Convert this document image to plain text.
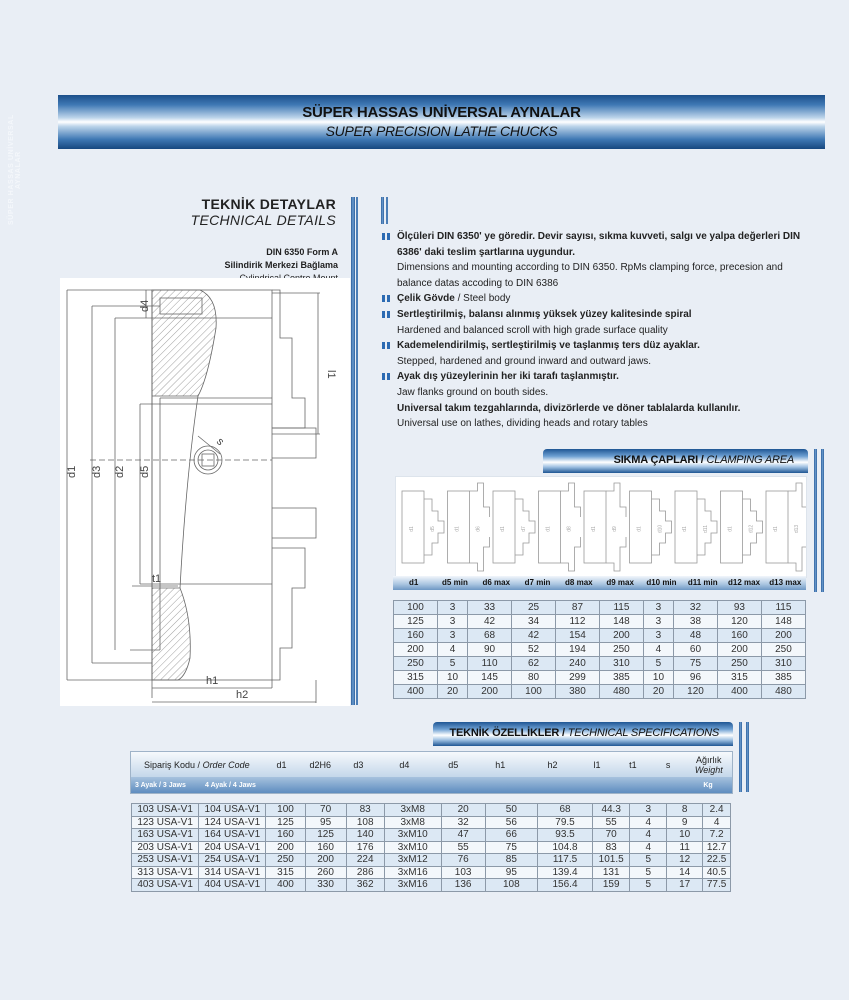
SÜPER HASSAS UNİVERSAL AYNALAR
SÜPER HASSAS UNİVERSAL AYNALAR
SUPER PRECISION LATHE CHUCKS
TEKNİK DETAYLAR
TECHNICAL DETAILS
DIN 6350 Form A
Silindirik Merkezi Bağlama
d1 d3 d2 d5
d4
l1
s
t1
h1
h2
Ölçüleri DIN 6350' ye göredir. Devir sayısı, sıkma kuvveti, salgı ve yalpa değerleri DIN 6386' daki teslim şartlarına uygundur.
Dimensions and mounting according to DIN 6350. RpMs clamping force, precesion and balance datas accoding to DIN 6386
Çelik Gövde / Steel body
Sertleştirilmiş, balansı alınmış yüksek yüzey kalitesinde spiral
Hardened and balanced scroll with high grade surface quality
Kademelendirilmiş, sertleştirilmiş ve taşlanmış ters düz ayaklar.
Stepped, hardened and ground inward and outward jaws.
Ayak dış yüzeylerinin her iki tarafı taşlanmıştır.
Jaw flanks ground on bouth sides.
Universal takım tezgahlarında, divizörlerde ve döner tablalarda kullanılır.
Universal use on lathes, dividing heads and rotary tables
SIKMA ÇAPLARI / CLAMPING AREA
d1	d5	d1	d6	d1	d7	d1	d8	d1	d9	d1	d10	d1	d11	d1	d12	d1	d13
d1	d5 min	d6 max	d7 min	d8 max	d9 max	d10 min	d11 min	d12 max	d13 max
100	3	33	25	87	115	3	32	93	115
125	3	42	34	112	148	3	38	120	148
160	3	68	42	154	200	3	48	160	200
200	4	90	52	194	250	4	60	200	250
250	5	110	62	240	310	5	75	250	310
315	10	145	80	299	385	10	96	315	385
400	20	200	100	380	480	20	120	400	480
TEKNİK ÖZELLİKLER / TECHNICAL SPECIFICATIONS
Sipariş Kodu / Order Code	d1	d2H6	d3	d4	d5	h1	h2	l1	t1	s	Ağırlık
Weight
3 Ayak / 3 Jaws	4 Ayak / 4 Jaws	Kg
103 USA-V1	104 USA-V1	100	70	83	3xM8	20	50	68	44.3	3	8	2.4
123 USA-V1	124 USA-V1	125	95	108	3xM8	32	56	79.5	55	4	9	4
163 USA-V1	164 USA-V1	160	125	140	3xM10	47	66	93.5	70	4	10	7.2
203 USA-V1	204 USA-V1	200	160	176	3xM10	55	75	104.8	83	4	11	12.7
253 USA-V1	254 USA-V1	250	200	224	3xM12	76	85	117.5	101.5	5	12	22.5
313 USA-V1	314 USA-V1	315	260	286	3xM16	103	95	139.4	131	5	14	40.5
403 USA-V1	404 USA-V1	400	330	362	3xM16	136	108	156.4	159	5	17	77.5
